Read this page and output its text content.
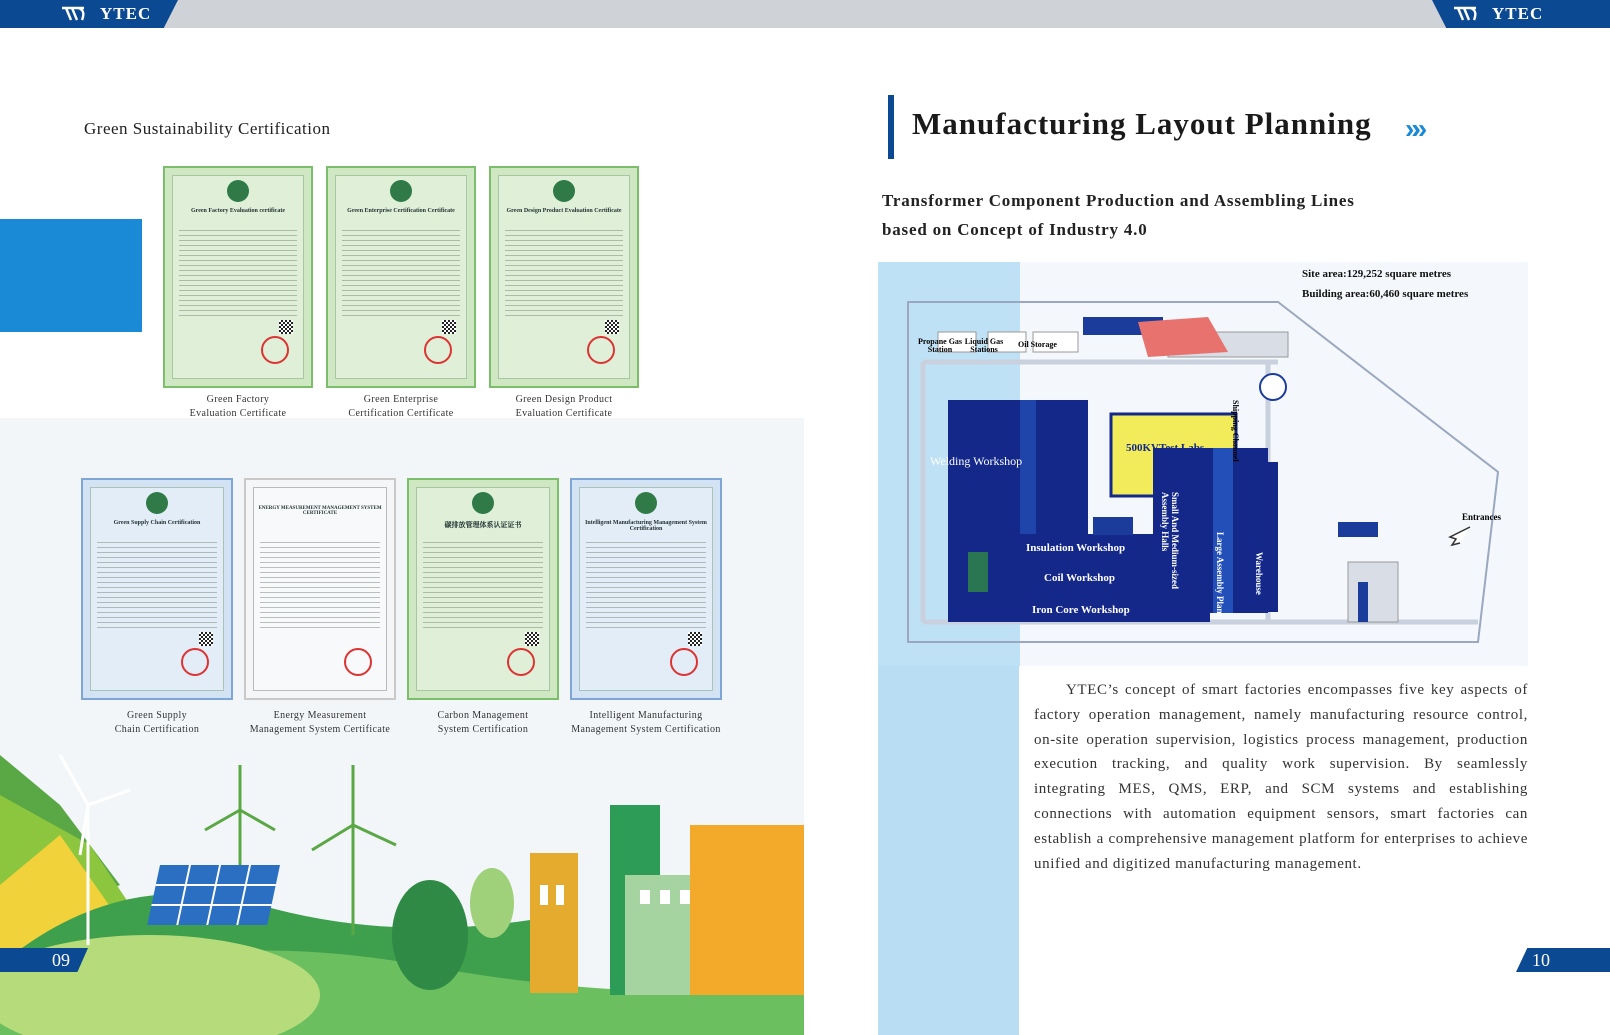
YTEC	YTEC
Green Sustainability Certification
Green Factory Evaluation certificate	Green Enterprise Certification Certificate	Green Design Product Evaluation Certificate
Green Factory
Evaluation Certificate
Green Enterprise
Certification Certificate
Green Design Product
Evaluation Certificate
Green Supply Chain Certification
ENERGY MEASUREMENT MANAGEMENT SYSTEM CERTIFICATE
碳排放管理体系认证证书	Intelligent Manufacturing Management System Certification
Green Supply
Chain Certification
Energy Measurement
Management System Certificate
Carbon Management
System Certification
Intelligent Manufacturing
Management System Certification
09
Manufacturing Layout Planning »»
Transformer Component Production and Assembling Lines
based on Concept of Industry 4.0
Site area:129,252 square metres
Building area:60,460 square metres
Propane Gas Station
Liquid Gas Stations
Oil Storage
Shipping Channel
500KVTest Labs
Welding Workshop
Small And Medium-sized Assembly Halls
Large Assembly Plant	Warehouse
Insulation Workshop
Coil Workshop
Iron Core Workshop
Entrances
YTEC’s concept of smart factories encompasses five key aspects of factory operation management, namely manufacturing resource control, on-site operation supervision, logistics process management, production execution tracking, and quality work supervision. By seamlessly integrating MES, QMS, ERP, and SCM systems and establishing connections with automation equipment sensors, smart factories can establish a comprehensive management platform for enterprises to achieve unified and digitized manufacturing management.
10
